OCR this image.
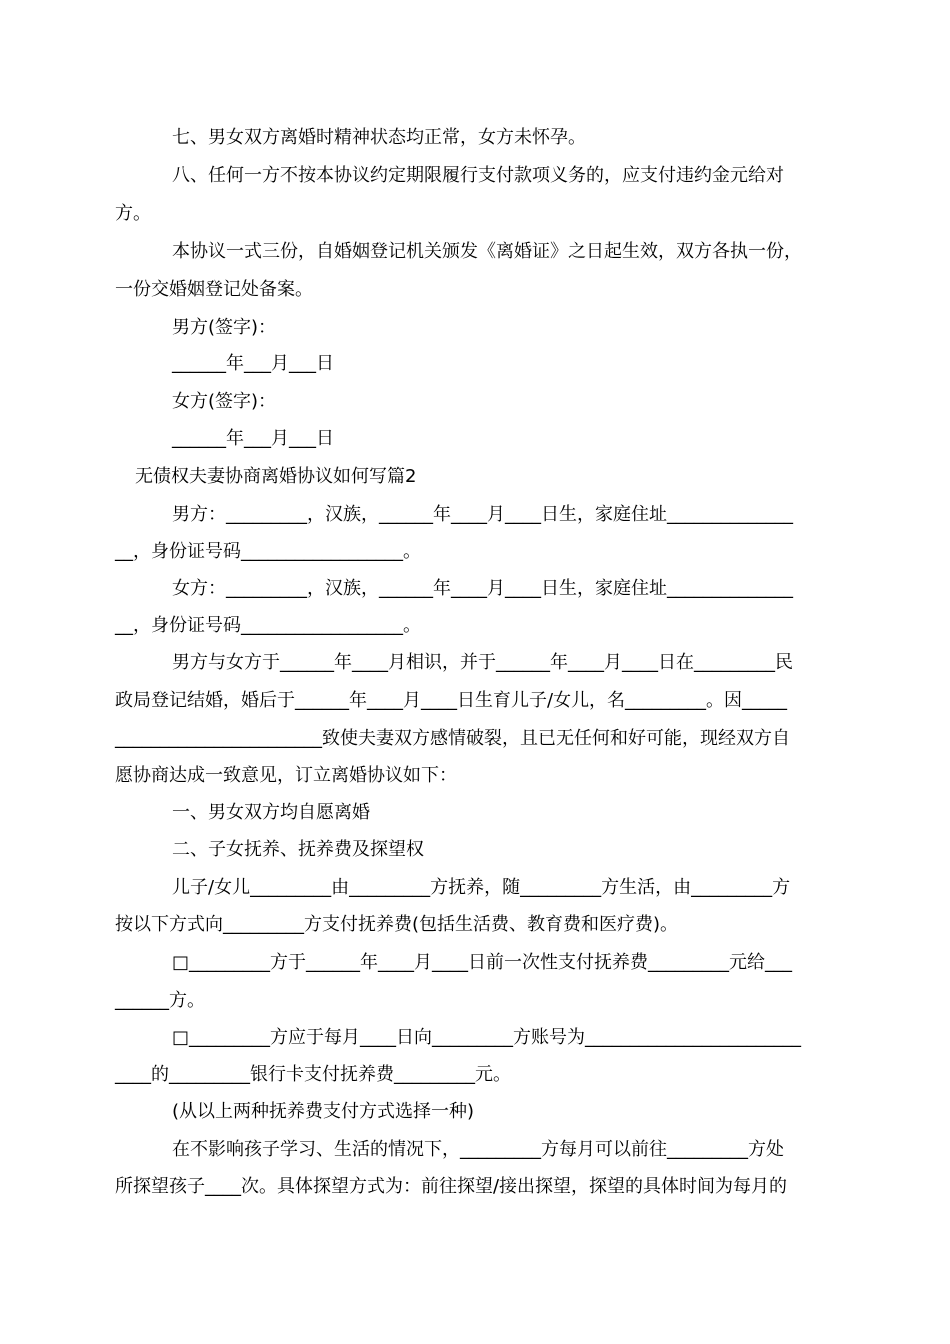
七、男女双方离婚时精神状态均正常，女方未怀孕。
八、任何一方不按本协议约定期限履行支付款项义务的，应支付违约金元给对
方。
本协议一式三份，自婚姻登记机关颁发《离婚证》之日起生效，双方各执一份，
一份交婚姻登记处备案。
男方(签字)：
______年___月___日
女方(签字)：
______年___月___日
无债权夫妻协商离婚协议如何写篇2
男方：_________，汉族，______年____月____日生，家庭住址______________
__，身份证号码__________________。
女方：_________，汉族，______年____月____日生，家庭住址______________
__，身份证号码__________________。
男方与女方于______年____月相识，并于______年____月____日在_________民
政局登记结婚，婚后于______年____月____日生育儿子/女儿，名_________。因_____
_______________________致使夫妻双方感情破裂，且已无任何和好可能，现经双方自
愿协商达成一致意见，订立离婚协议如下：
一、男女双方均自愿离婚
二、子女抚养、抚养费及探望权
儿子/女儿_________由_________方抚养，随_________方生活，由_________方
按以下方式向_________方支付抚养费(包括生活费、教育费和医疗费)。
□_________方于______年____月____日前一次性支付抚养费_________元给___
______方。
□_________方应于每月____日向_________方账号为________________________
____的_________银行卡支付抚养费_________元。
(从以上两种抚养费支付方式选择一种)
在不影响孩子学习、生活的情况下，_________方每月可以前往_________方处
所探望孩子____次。具体探望方式为：前往探望/接出探望，探望的具体时间为每月的
